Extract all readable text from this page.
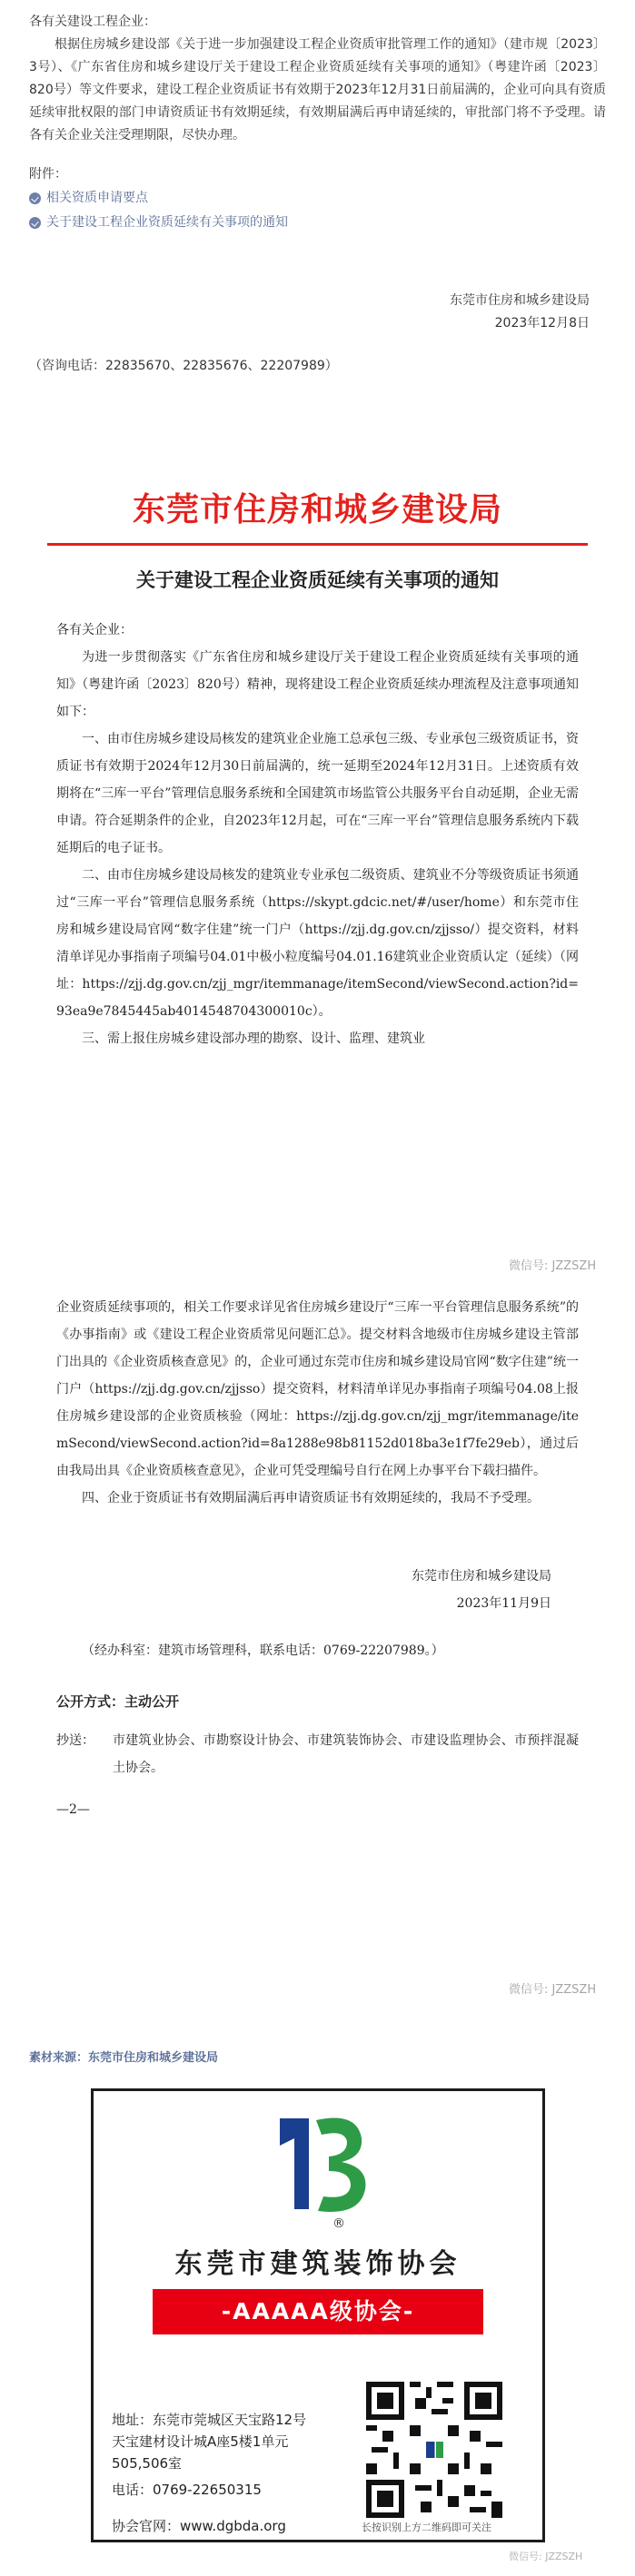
各有关建设工程企业：
根据住房城乡建设部《关于进一步加强建设工程企业资质审批管理工作的通知》（建市规〔2023〕3号）、《广东省住房和城乡建设厅关于建设工程企业资质延续有关事项的通知》（粤建许函〔2023〕820号）等文件要求，建设工程企业资质证书有效期于2023年12月31日前届满的，企业可向具有资质延续审批权限的部门申请资质证书有效期延续，有效期届满后再申请延续的，审批部门将不予受理。请各有关企业关注受理期限，尽快办理。
附件：
相关资质申请要点
关于建设工程企业资质延续有关事项的通知
东莞市住房和城乡建设局
2023年12月8日
（咨询电话：22835670、22835676、22207989）
东莞市住房和城乡建设局
关于建设工程企业资质延续有关事项的通知
各有关企业：
为进一步贯彻落实《广东省住房和城乡建设厅关于建设工程企业资质延续有关事项的通知》（粤建许函〔2023〕820号）精神，现将建设工程企业资质延续办理流程及注意事项通知如下：
一、由市住房城乡建设局核发的建筑业企业施工总承包三级、专业承包三级资质证书，资质证书有效期于2024年12月30日前届满的，统一延期至2024年12月31日。上述资质有效期将在“三库一平台”管理信息服务系统和全国建筑市场监管公共服务平台自动延期，企业无需申请。符合延期条件的企业，自2023年12月起，可在“三库一平台”管理信息服务系统内下载延期后的电子证书。
二、由市住房城乡建设局核发的建筑业专业承包二级资质、建筑业不分等级资质证书须通过“三库一平台”管理信息服务系统（https://skypt.gdcic.net/#/user/home）和东莞市住房和城乡建设局官网“数字住建”统一门户（https://zjj.dg.gov.cn/zjjsso/）提交资料，材料清单详见办事指南子项编号04.01中极小粒度编号04.01.16建筑业企业资质认定（延续）（网址：https://zjj.dg.gov.cn/zjj_mgr/itemmanage/itemSecond/viewSecond.action?id=93ea9e7845445ab4014548704300010c）。
三、需上报住房城乡建设部办理的勘察、设计、监理、建筑业
微信号: JZZSZH
企业资质延续事项的，相关工作要求详见省住房城乡建设厅“三库一平台管理信息服务系统”的《办事指南》或《建设工程企业资质常见问题汇总》。提交材料含地级市住房城乡建设主管部门出具的《企业资质核查意见》的，企业可通过东莞市住房和城乡建设局官网“数字住建”统一门户（https://zjj.dg.gov.cn/zjjsso）提交资料，材料清单详见办事指南子项编号04.08上报住房城乡建设部的企业资质核验（网址：https://zjj.dg.gov.cn/zjj_mgr/itemmanage/itemSecond/viewSecond.action?id=8a1288e98b81152d018ba3e1f7fe29eb），通过后由我局出具《企业资质核查意见》，企业可凭受理编号自行在网上办事平台下载扫描件。
四、企业于资质证书有效期届满后再申请资质证书有效期延续的，我局不予受理。
东莞市住房和城乡建设局
2023年11月9日
（经办科室：建筑市场管理科，联系电话：0769-22207989。）
公开方式：主动公开
抄送：	市建筑业协会、市勘察设计协会、市建筑装饰协会、市建设监理协会、市预拌混凝土协会。
—2—
微信号: JZZSZH
素材来源：东莞市住房和城乡建设局
®
东莞市建筑装饰协会
-AAAAA级协会-
地址：东莞市莞城区天宝路12号天宝建材设计城A座5楼1单元505,506室
电话：0769-22650315
协会官网：www.dgbda.org	长按识别上方二维码即可关注
微信号: JZZSZH
